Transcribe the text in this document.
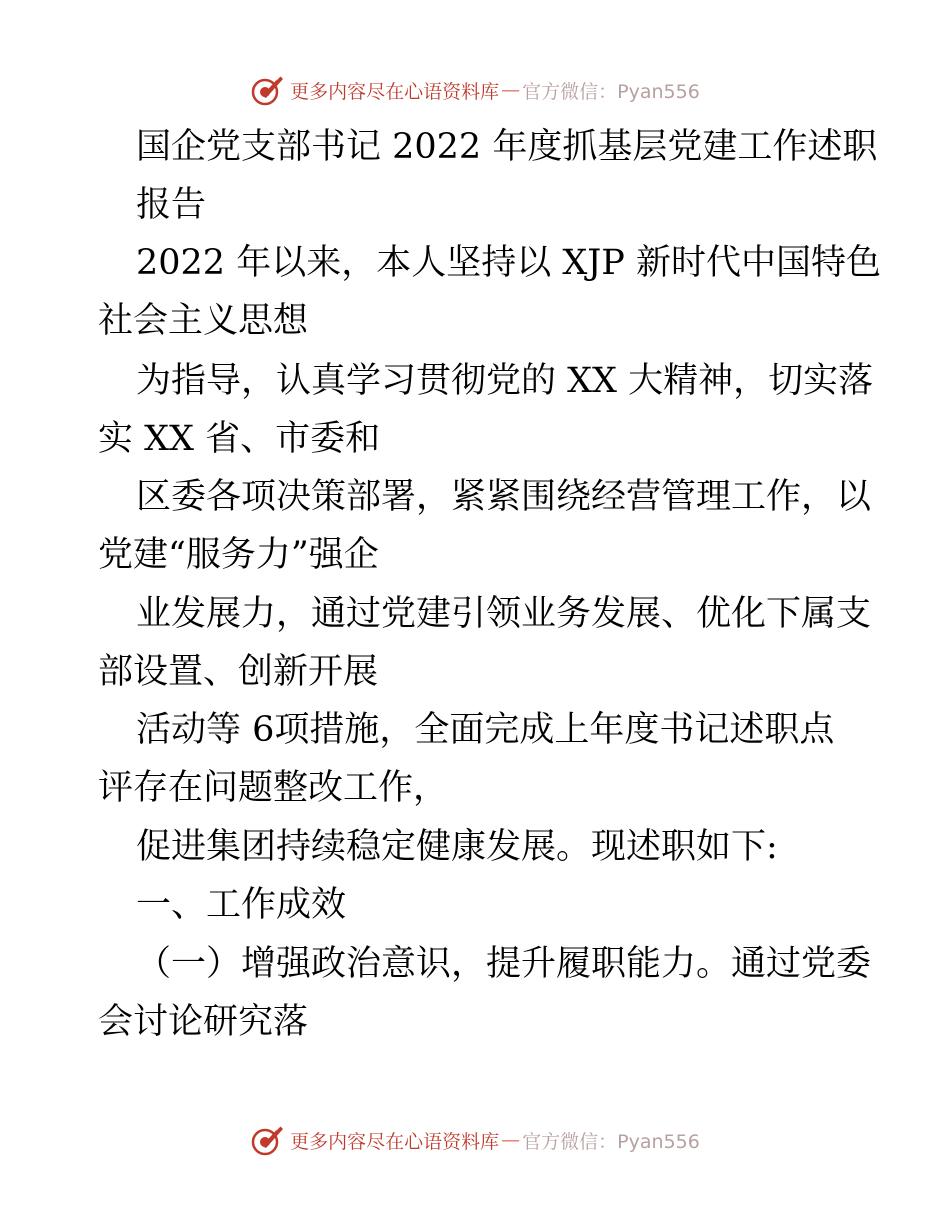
更多内容尽在心语资料库 — 官方微信：Pyan556
国企党支部书记 2022 年度抓基层党建工作述职
报告
2022 年以来，本人坚持以 XJP 新时代中国特色
社会主义思想
为指导，认真学习贯彻党的 XX 大精神，切实落
实 XX 省、市委和
区委各项决策部署，紧紧围绕经营管理工作，以
党建“服务力”强企
业发展力，通过党建引领业务发展、优化下属支
部设置、创新开展
活动等 6项措施，全面完成上年度书记述职点
评存在问题整改工作，
促进集团持续稳定健康发展。现述职如下:
一、工作成效
（一）增强政治意识，提升履职能力。通过党委
会讨论研究落
更多内容尽在心语资料库 — 官方微信：Pyan556
